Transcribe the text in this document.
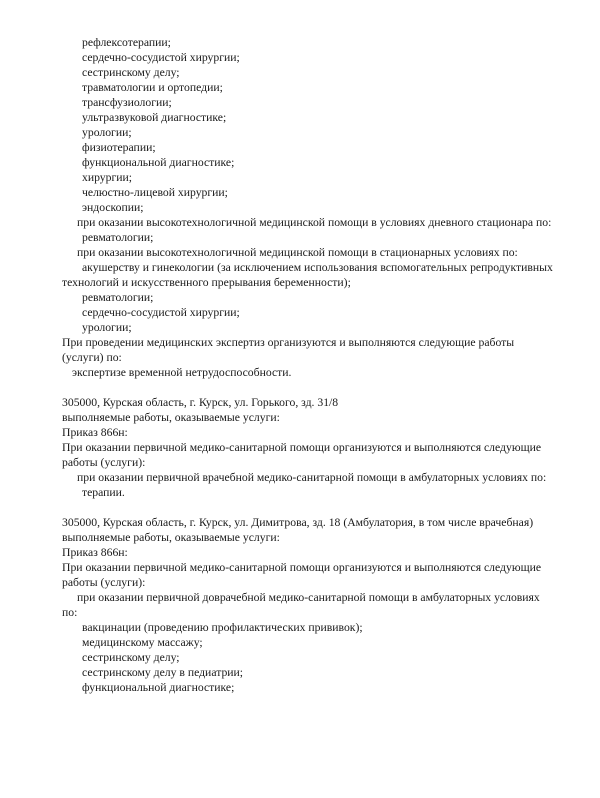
рефлексотерапии;
сердечно-сосудистой хирургии;
сестринскому делу;
травматологии и ортопедии;
трансфузиологии;
ультразвуковой диагностике;
урологии;
физиотерапии;
функциональной диагностике;
хирургии;
челюстно-лицевой хирургии;
эндоскопии;
при оказании высокотехнологичной медицинской помощи в условиях дневного стационара по:
ревматологии;
при оказании высокотехнологичной медицинской помощи в стационарных условиях по:
акушерству и гинекологии (за исключением использования вспомогательных репродуктивных
технологий и искусственного прерывания беременности);
ревматологии;
сердечно-сосудистой хирургии;
урологии;
При проведении медицинских экспертиз организуются и выполняются следующие работы
(услуги) по:
экспертизе временной нетрудоспособности.
305000, Курская область, г. Курск, ул. Горького, зд. 31/8
выполняемые работы, оказываемые услуги:
Приказ 866н:
При оказании первичной медико-санитарной помощи организуются и выполняются следующие
работы (услуги):
при оказании первичной врачебной медико-санитарной помощи в амбулаторных условиях по:
терапии.
305000, Курская область, г. Курск, ул. Димитрова, зд. 18 (Амбулатория, в том числе врачебная)
выполняемые работы, оказываемые услуги:
Приказ 866н:
При оказании первичной медико-санитарной помощи организуются и выполняются следующие
работы (услуги):
при оказании первичной доврачебной медико-санитарной помощи в амбулаторных условиях
по:
вакцинации (проведению профилактических прививок);
медицинскому массажу;
сестринскому делу;
сестринскому делу в педиатрии;
функциональной диагностике;
